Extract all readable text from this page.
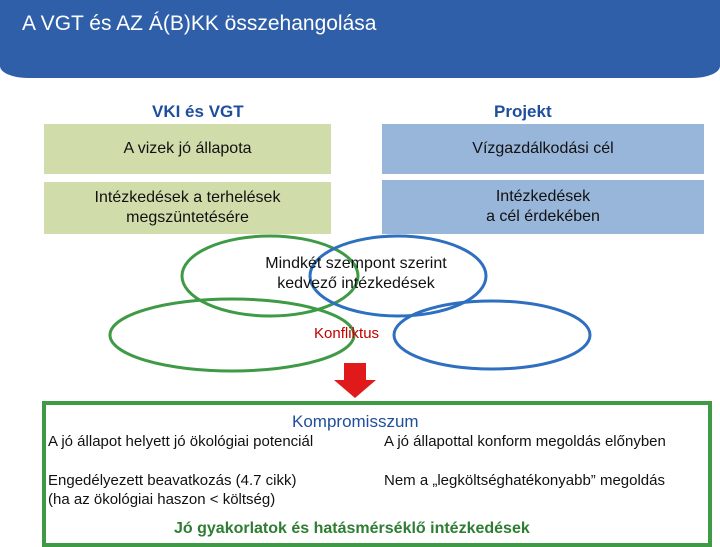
A VGT és AZ Á(B)KK összehangolása
VKI és VGT	Projekt
A vizek jó állapota	Vízgazdálkodási cél
Intézkedések a terhelések
megszüntetésére
Intézkedések
a cél érdekében
Mindkét szempont szerint
kedvező intézkedések
Konfliktus
Kompromisszum
A jó állapot helyett jó ökológiai potenciál	A jó állapottal konform megoldás előnyben
Engedélyezett beavatkozás (4.7 cikk)
(ha az ökológiai haszon < költség)
Nem a „legköltséghatékonyabb” megoldás
Jó gyakorlatok és hatásmérséklő intézkedések
